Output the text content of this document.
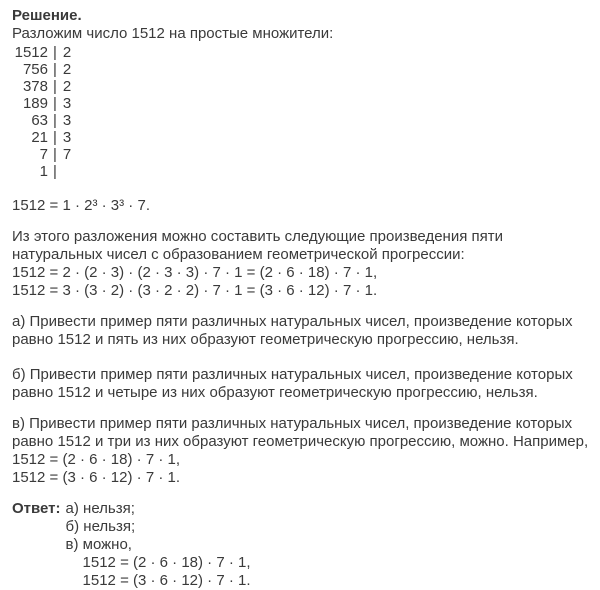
Решение.
Разложим число 1512 на простые множители:
1512 | 2
756 | 2
378 | 2
189 | 3
63 | 3
21 | 3
7 | 7
1 |
1512 = 1 · 2³ · 3³ · 7.
Из этого разложения можно составить следующие произведения пяти
натуральных чисел с образованием геометрической прогрессии:
1512 = 2 · (2 · 3) · (2 · 3 · 3) · 7 · 1 = (2 · 6 · 18) · 7 · 1,
1512 = 3 · (3 · 2) · (3 · 2 · 2) · 7 · 1 = (3 · 6 · 12) · 7 · 1.
а) Привести пример пяти различных натуральных чисел, произведение которых
равно 1512 и пять из них образуют геометрическую прогрессию, нельзя.
б) Привести пример пяти различных натуральных чисел, произведение которых
равно 1512 и четыре из них образуют геометрическую прогрессию, нельзя.
в) Привести пример пяти различных натуральных чисел, произведение которых
равно 1512 и три из них образуют геометрическую прогрессию, можно. Например,
1512 = (2 · 6 · 18) · 7 · 1,
1512 = (3 · 6 · 12) · 7 · 1.
Ответ: а) нельзя;
б) нельзя;
в) можно,
1512 = (2 · 6 · 18) · 7 · 1,
1512 = (3 · 6 · 12) · 7 · 1.
